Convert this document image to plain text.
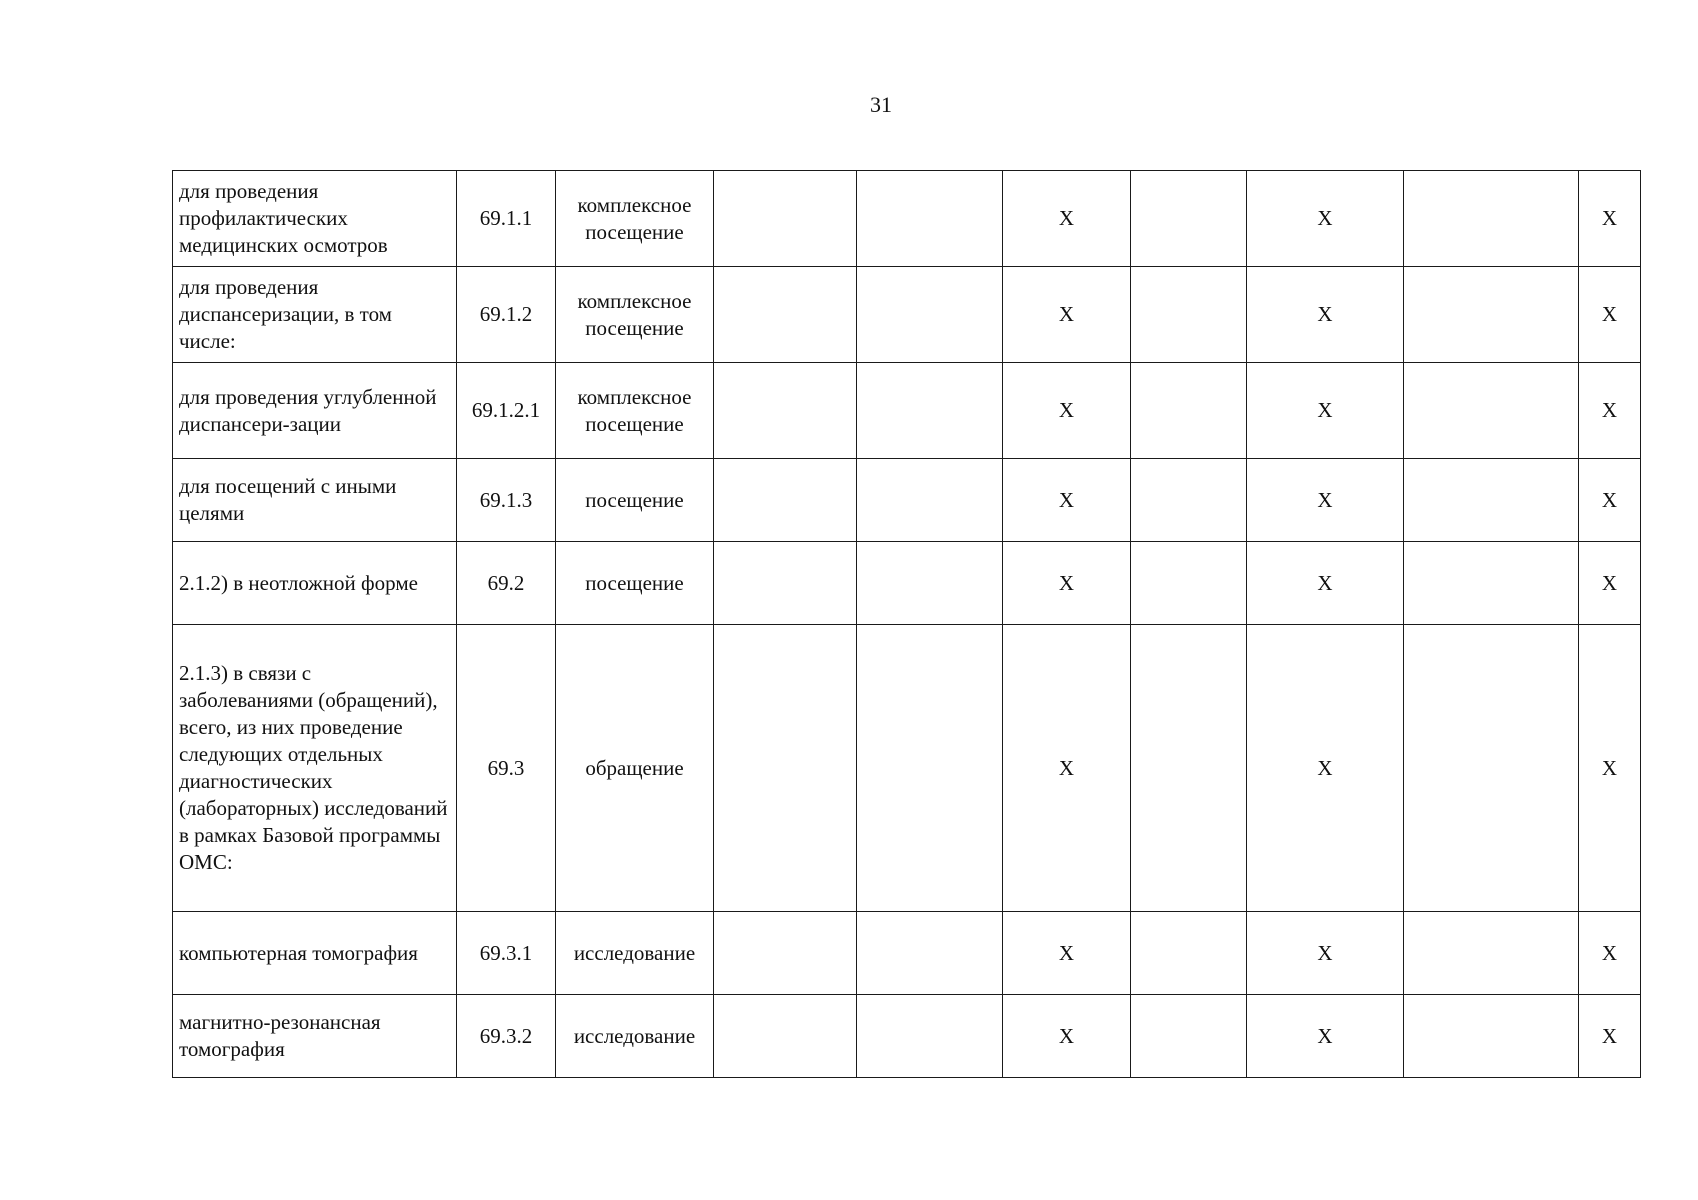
31
для проведения профилактических медицинских осмотров	69.1.1	комплексное посещение			Х		Х		Х

для проведения диспансеризации, в том числе:	69.1.2	комплексное посещение			Х		Х		Х

для проведения углубленной диспансери-зации	69.1.2.1	комплексное посещение			Х		Х		Х

для посещений с иными целями	69.1.3	посещение			Х		Х		Х

2.1.2) в неотложной форме	69.2	посещение			Х		Х		Х

2.1.3) в связи с заболеваниями (обращений), всего, из них проведение следующих отдельных диагностических (лабораторных) исследований в рамках Базовой программы ОМС:	69.3	обращение			Х		Х		Х

компьютерная томография	69.3.1	исследование			Х		Х		Х

магнитно-резонансная томография	69.3.2	исследование			Х		Х		Х
